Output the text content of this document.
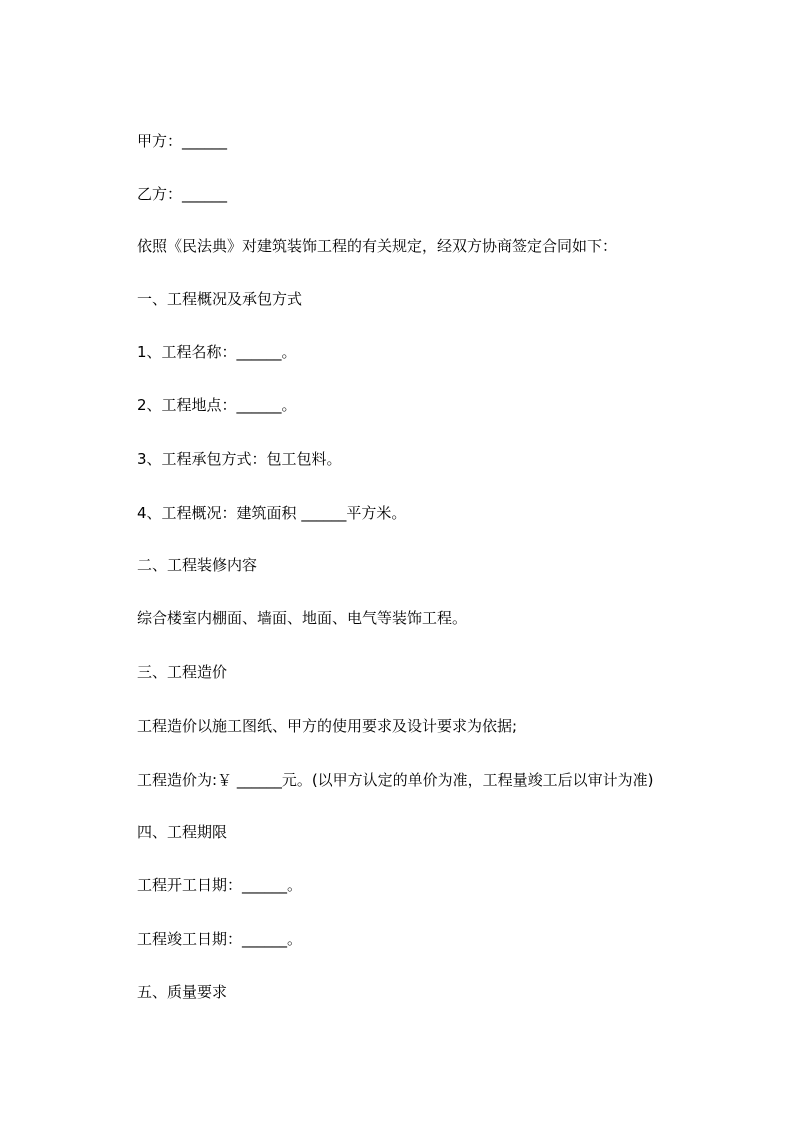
甲方：______

乙方：______

依照《民法典》对建筑装饰工程的有关规定，经双方协商签定合同如下：

一、工程概况及承包方式

1、工程名称：______。

2、工程地点：______。

3、工程承包方式：包工包料。

4、工程概况：建筑面积 ______平方米。

二、工程装修内容

综合楼室内棚面、墙面、地面、电气等装饰工程。

三、工程造价

工程造价以施工图纸、甲方的使用要求及设计要求为依据;

工程造价为:￥ ______元。(以甲方认定的单价为准，工程量竣工后以审计为准)

四、工程期限

工程开工日期：______。

工程竣工日期：______。

五、质量要求
